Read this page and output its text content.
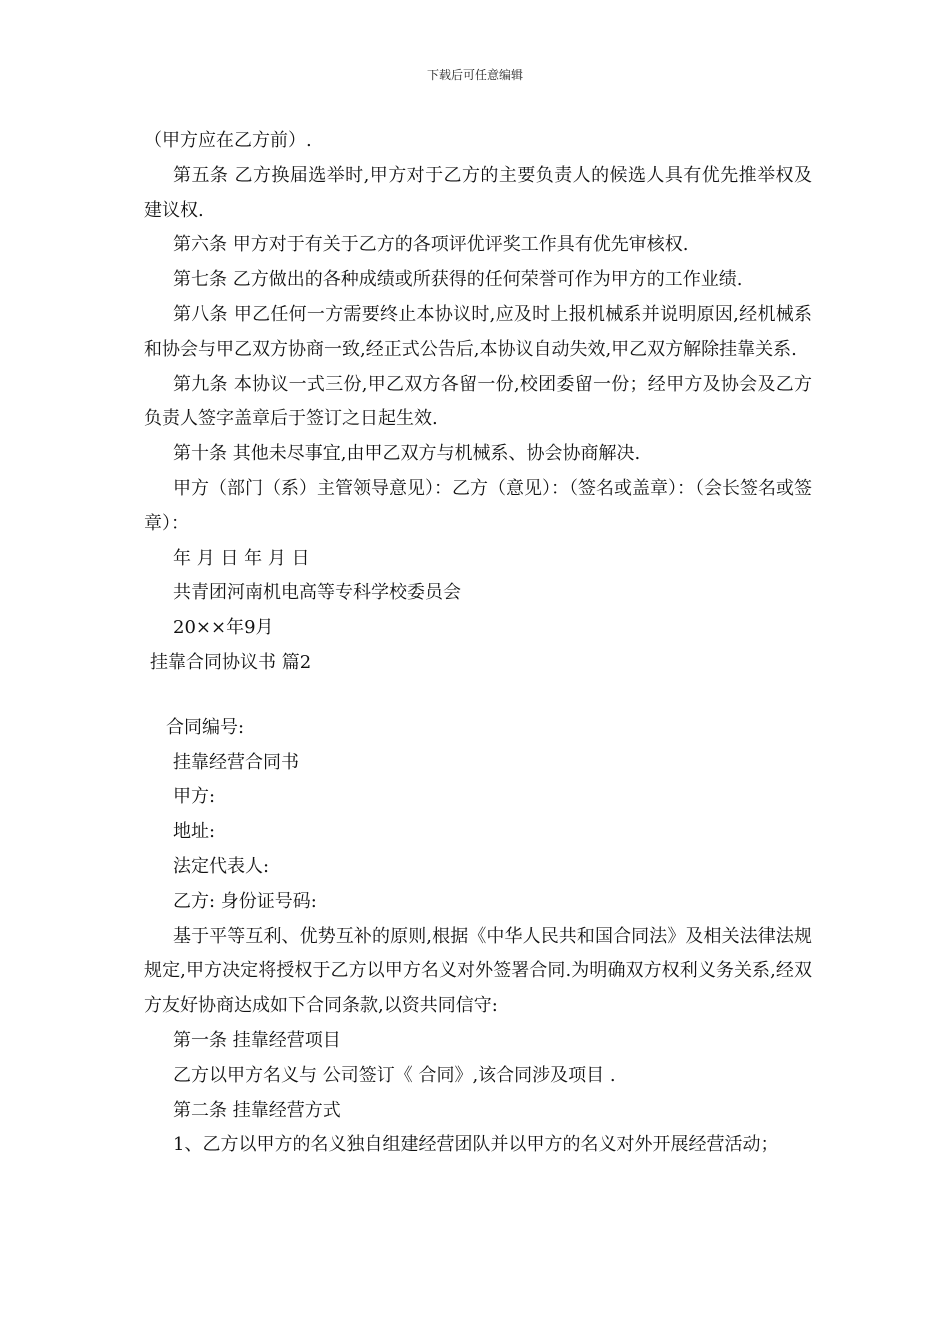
下载后可任意编辑

（甲方应在乙方前）.

第五条 乙方换届选举时,甲方对于乙方的主要负责人的候选人具有优先推举权及建议权.

第六条 甲方对于有关于乙方的各项评优评奖工作具有优先审核权.

第七条 乙方做出的各种成绩或所获得的任何荣誉可作为甲方的工作业绩.

第八条 甲乙任何一方需要终止本协议时,应及时上报机械系并说明原因,经机械系和协会与甲乙双方协商一致,经正式公告后,本协议自动失效,甲乙双方解除挂靠关系.

第九条 本协议一式三份,甲乙双方各留一份,校团委留一份；经甲方及协会及乙方负责人签字盖章后于签订之日起生效.

第十条 其他未尽事宜,由甲乙双方与机械系、协会协商解决.

甲方（部门（系）主管领导意见）：乙方（意见）：（签名或盖章）：（会长签名或签章）：

年 月 日 年 月 日

共青团河南机电高等专科学校委员会

20××年9月

挂靠合同协议书 篇2

合同编号:

挂靠经营合同书

甲方:

地址:

法定代表人:

乙方: 身份证号码:

基于平等互利、优势互补的原则,根据《中华人民共和国合同法》及相关法律法规规定,甲方决定将授权于乙方以甲方名义对外签署合同.为明确双方权利义务关系,经双方友好协商达成如下合同条款,以资共同信守:

第一条 挂靠经营项目

乙方以甲方名义与 公司签订《 合同》,该合同涉及项目 .

第二条 挂靠经营方式

1、乙方以甲方的名义独自组建经营团队并以甲方的名义对外开展经营活动；
